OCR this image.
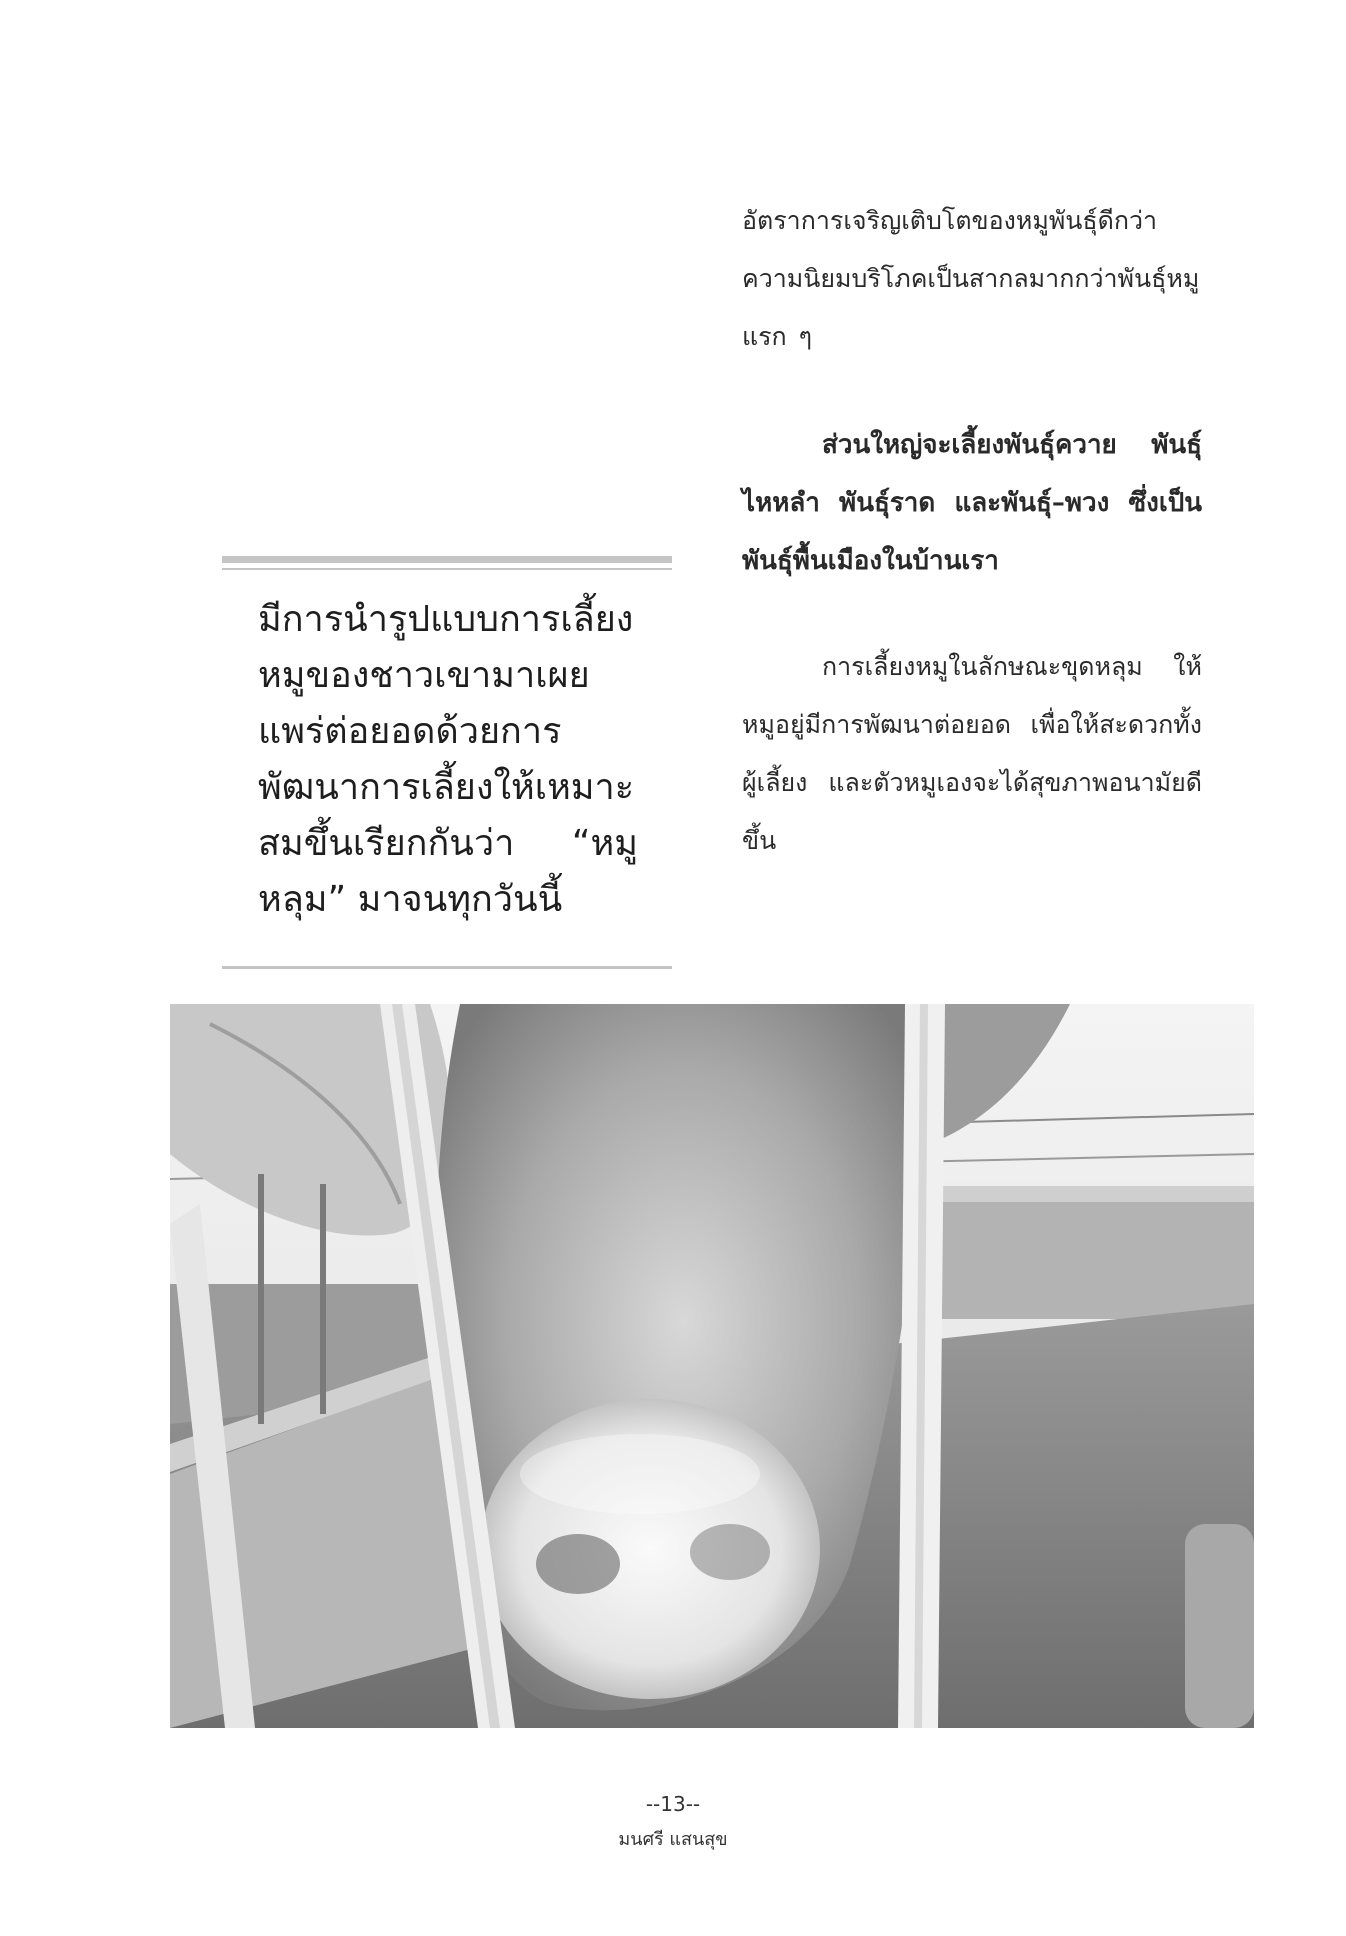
อัตราการเจริญเติบโตของหมูพันธุ์ดีกว่า ความนิยมบริโภคเป็นสากลมากกว่าพันธุ์หมูแรก ๆ

ส่วนใหญ่จะเลี้ยงพันธุ์ควาย พันธุ์ไหหลำ พันธุ์ราด และพันธุ์–พวง ซึ่งเป็นพันธุ์พื้นเมืองในบ้านเรา

การเลี้ยงหมูในลักษณะขุดหลุม ให้หมูอยู่มีการพัฒนาต่อยอด เพื่อให้สะดวกทั้งผู้เลี้ยง และตัวหมูเองจะได้สุขภาพอนามัยดีขึ้น

มีการนำรูปแบบการเลี้ยงหมูของชาวเขามาเผยแพร่ต่อยอดด้วยการพัฒนาการเลี้ยงให้เหมาะสมขึ้นเรียกกันว่า “หมูหลุม” มาจนทุกวันนี้

--13--
มนศรี แสนสุข
